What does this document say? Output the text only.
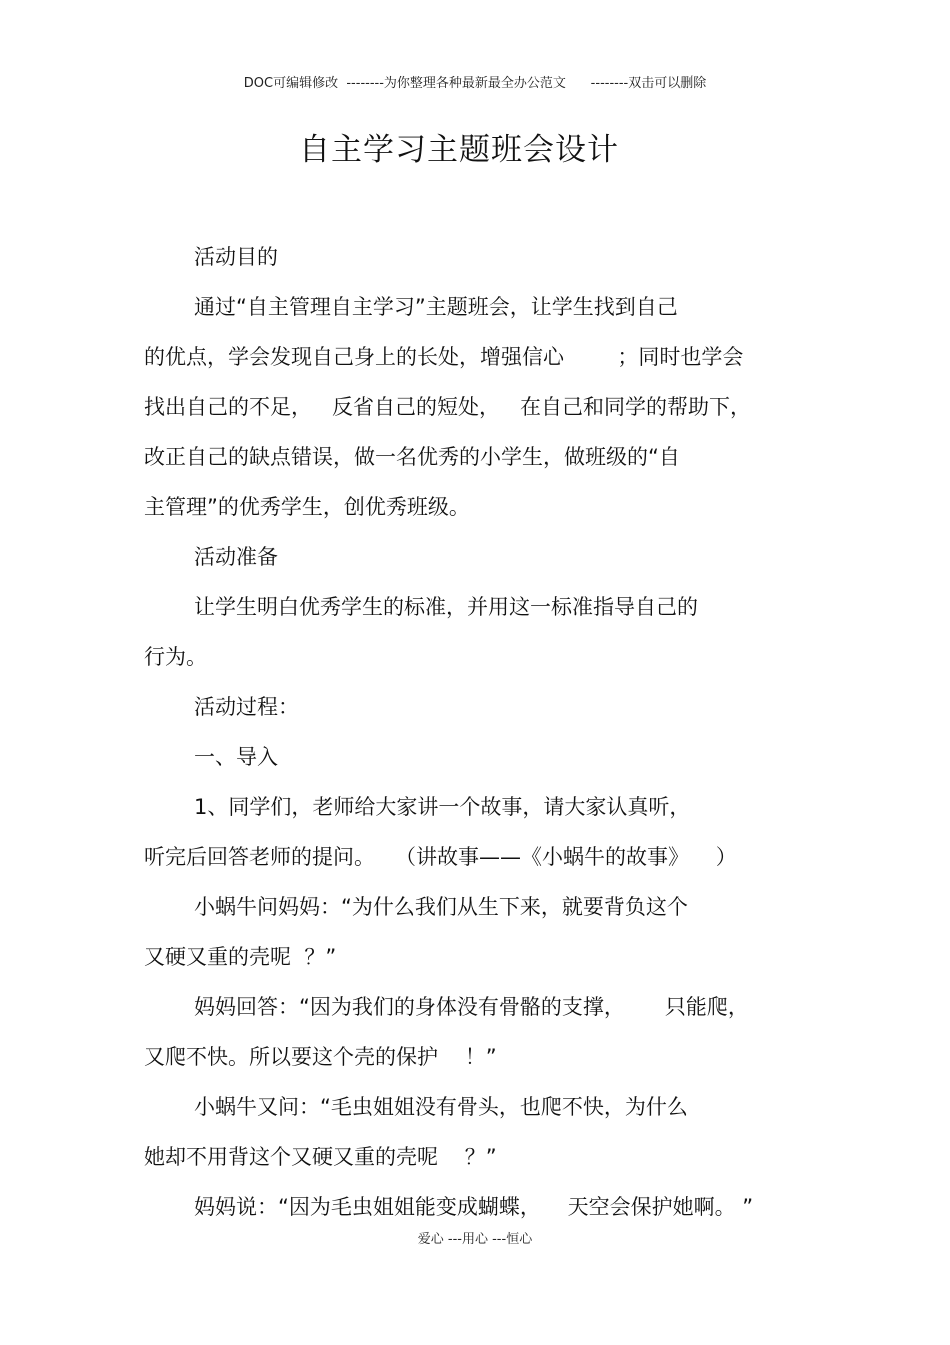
DOC可编辑修改  --------为你整理各种最新最全办公范文      --------双击可以删除
自主学习主题班会设计
活动目的
通过“自主管理自主学习”主题班会，让学生找到自己
的优点，学会发现自己身上的长处，增强信心        ；同时也学会
找出自己的不足，   反省自己的短处，   在自己和同学的帮助下，
改正自己的缺点错误，做一名优秀的小学生，做班级的“自
主管理”的优秀学生，创优秀班级。
活动准备
让学生明白优秀学生的标准，并用这一标准指导自己的
行为。
活动过程：
一、导入
1、同学们，老师给大家讲一个故事，请大家认真听，
听完后回答老师的提问。   （讲故事——《小蜗牛的故事》    ）
小蜗牛问妈妈：“为什么我们从生下来，就要背负这个
又硬又重的壳呢  ？”
妈妈回答：“因为我们的身体没有骨骼的支撑，      只能爬，
又爬不快。所以要这个壳的保护    ！”
小蜗牛又问：“毛虫姐姐没有骨头，也爬不快，为什么
她却不用背这个又硬又重的壳呢    ？”
妈妈说：“因为毛虫姐姐能变成蝴蝶，    天空会保护她啊。 ”
爱心 ---用心 ---恒心
